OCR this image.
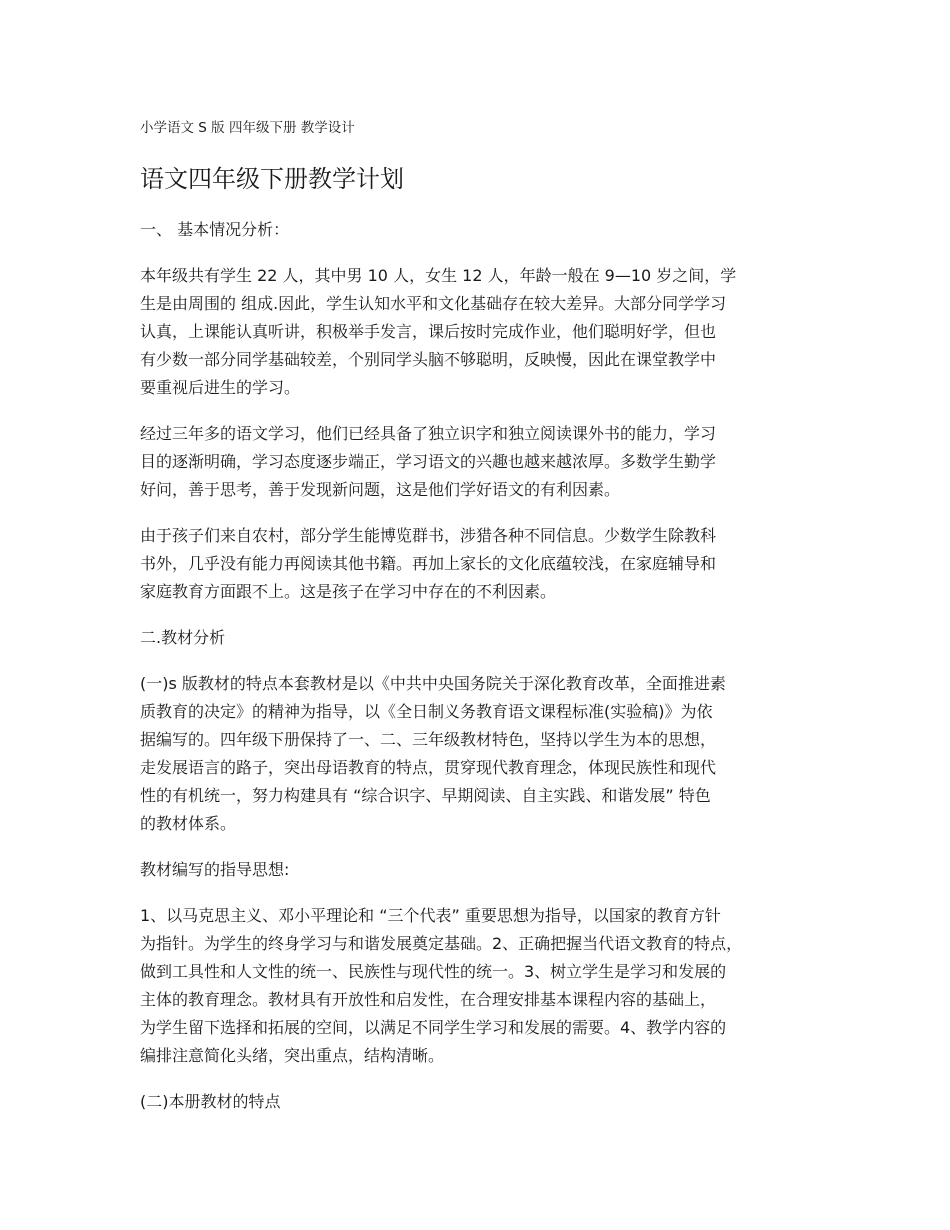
小学语文 S 版 四年级下册 教学设计
语文四年级下册教学计划

一、 基本情况分析：

本年级共有学生 22 人，其中男 10 人，女生 12 人，年龄一般在 9—10 岁之间，学

生是由周围的 组成.因此，学生认知水平和文化基础存在较大差异。大部分同学学习

认真，上课能认真听讲，积极举手发言，课后按时完成作业，他们聪明好学，但也

有少数一部分同学基础较差，个别同学头脑不够聪明，反映慢，因此在课堂教学中

要重视后进生的学习。

经过三年多的语文学习，他们已经具备了独立识字和独立阅读课外书的能力，学习

目的逐渐明确，学习态度逐步端正，学习语文的兴趣也越来越浓厚。多数学生勤学

好问，善于思考，善于发现新问题，这是他们学好语文的有利因素。

由于孩子们来自农村，部分学生能博览群书，涉猎各种不同信息。少数学生除教科

书外，几乎没有能力再阅读其他书籍。再加上家长的文化底蕴较浅，在家庭辅导和

家庭教育方面跟不上。这是孩子在学习中存在的不利因素。

二.教材分析

(一)s 版教材的特点本套教材是以《中共中央国务院关于深化教育改革，全面推进素

质教育的决定》的精神为指导，以《全日制义务教育语文课程标准(实验稿)》为依

据编写的。四年级下册保持了一、二、三年级教材特色，坚持以学生为本的思想，

走发展语言的路子，突出母语教育的特点，贯穿现代教育理念，体现民族性和现代

性的有机统一，努力构建具有 “综合识字、早期阅读、自主实践、和谐发展” 特色

的教材体系。

教材编写的指导思想:

1、以马克思主义、邓小平理论和 “三个代表” 重要思想为指导，以国家的教育方针

为指针。为学生的终身学习与和谐发展奠定基础。2、正确把握当代语文教育的特点，

做到工具性和人文性的统一、民族性与现代性的统一。3、树立学生是学习和发展的

主体的教育理念。教材具有开放性和启发性，在合理安排基本课程内容的基础上，

为学生留下选择和拓展的空间，以满足不同学生学习和发展的需要。4、教学内容的

编排注意简化头绪，突出重点，结构清晰。

(二)本册教材的特点
